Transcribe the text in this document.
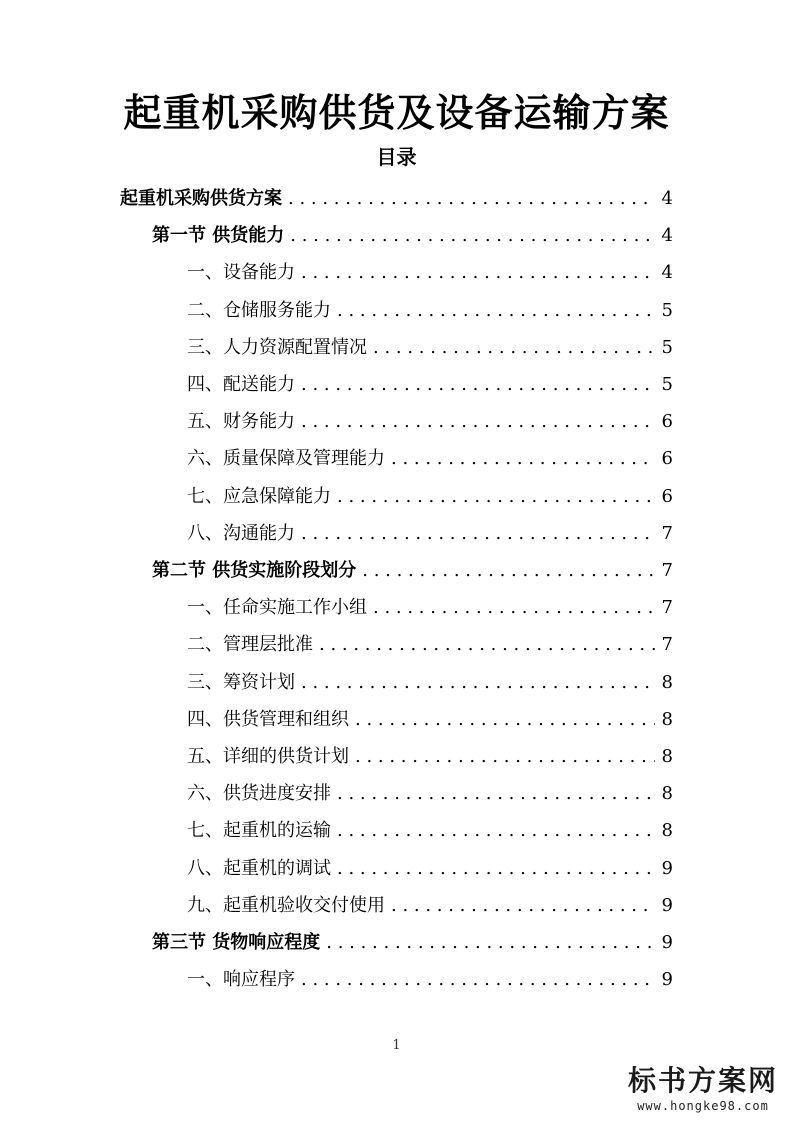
起重机采购供货及设备运输方案
目录
起重机采购供货方案 . . .	4
第一节 供货能力 . . .	4
一、设备能力 . . .	4
二、仓储服务能力 . . .	5
三、人力资源配置情况 . . .	5
四、配送能力 . . .	5
五、财务能力 . . .	6
六、质量保障及管理能力 . . .	6
七、应急保障能力 . . .	6
八、沟通能力 . . .	7
第二节 供货实施阶段划分 . . .	7
一、任命实施工作小组 . . .	7
二、管理层批准 . . .	7
三、筹资计划 . . .	8
四、供货管理和组织 . . .	8
五、详细的供货计划 . . .	8
六、供货进度安排 . . .	8
七、起重机的运输 . . .	8
八、起重机的调试 . . .	9
九、起重机验收交付使用 . . .	9
第三节 货物响应程度 . . .	9
一、响应程序 . . .	9
1
标书方案网
www.hongke98.com
